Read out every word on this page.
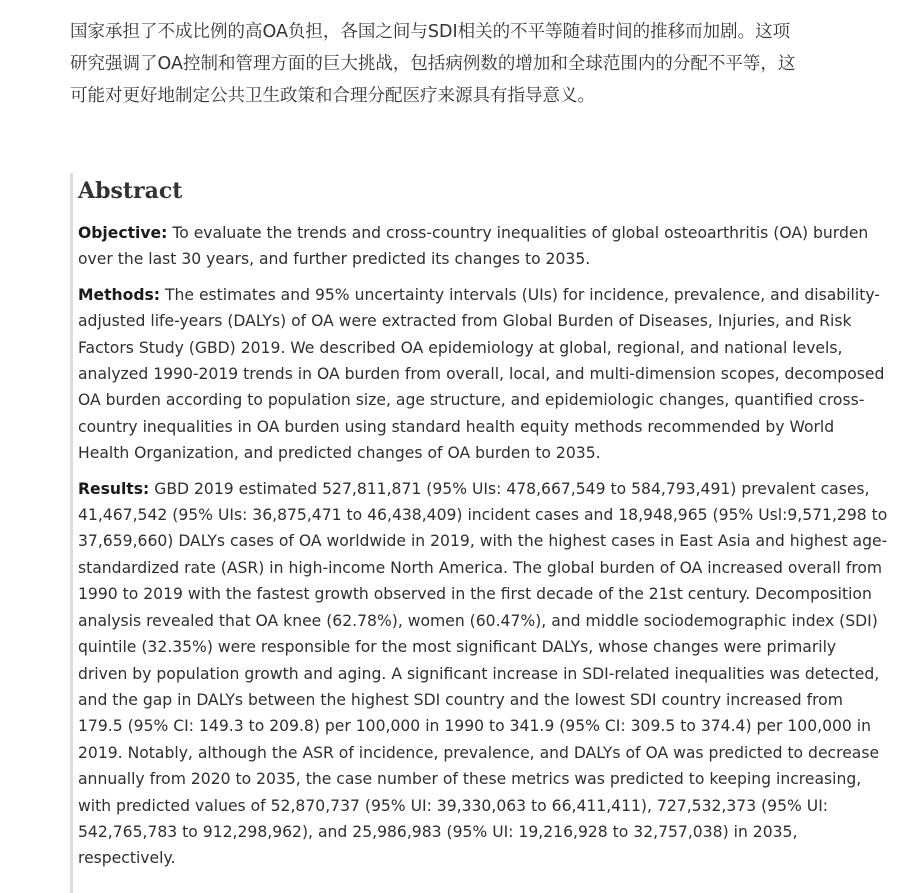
国家承担了不成比例的高OA负担，各国之间与SDI相关的不平等随着时间的推移而加剧。这项

研究强调了OA控制和管理方面的巨大挑战，包括病例数的增加和全球范围内的分配不平等，这

可能对更好地制定公共卫生政策和合理分配医疗来源具有指导意义。

Abstract

Objective: To evaluate the trends and cross-country inequalities of global osteoarthritis (OA) burden over the last 30 years, and further predicted its changes to 2035.

Methods: The estimates and 95% uncertainty intervals (UIs) for incidence, prevalence, and disability-adjusted life-years (DALYs) of OA were extracted from Global Burden of Diseases, Injuries, and Risk Factors Study (GBD) 2019. We described OA epidemiology at global, regional, and national levels, analyzed 1990-2019 trends in OA burden from overall, local, and multi-dimension scopes, decomposed OA burden according to population size, age structure, and epidemiologic changes, quantified cross-country inequalities in OA burden using standard health equity methods recommended by World Health Organization, and predicted changes of OA burden to 2035.

Results: GBD 2019 estimated 527,811,871 (95% UIs: 478,667,549 to 584,793,491) prevalent cases, 41,467,542 (95% UIs: 36,875,471 to 46,438,409) incident cases and 18,948,965 (95% Usl:9,571,298 to 37,659,660) DALYs cases of OA worldwide in 2019, with the highest cases in East Asia and highest age-standardized rate (ASR) in high-income North America. The global burden of OA increased overall from 1990 to 2019 with the fastest growth observed in the first decade of the 21st century. Decomposition analysis revealed that OA knee (62.78%), women (60.47%), and middle sociodemographic index (SDI) quintile (32.35%) were responsible for the most significant DALYs, whose changes were primarily driven by population growth and aging. A significant increase in SDI-related inequalities was detected, and the gap in DALYs between the highest SDI country and the lowest SDI country increased from 179.5 (95% CI: 149.3 to 209.8) per 100,000 in 1990 to 341.9 (95% CI: 309.5 to 374.4) per 100,000 in 2019. Notably, although the ASR of incidence, prevalence, and DALYs of OA was predicted to decrease annually from 2020 to 2035, the case number of these metrics was predicted to keeping increasing, with predicted values of 52,870,737 (95% UI: 39,330,063 to 66,411,411), 727,532,373 (95% UI: 542,765,783 to 912,298,962), and 25,986,983 (95% UI: 19,216,928 to 32,757,038) in 2035, respectively.
